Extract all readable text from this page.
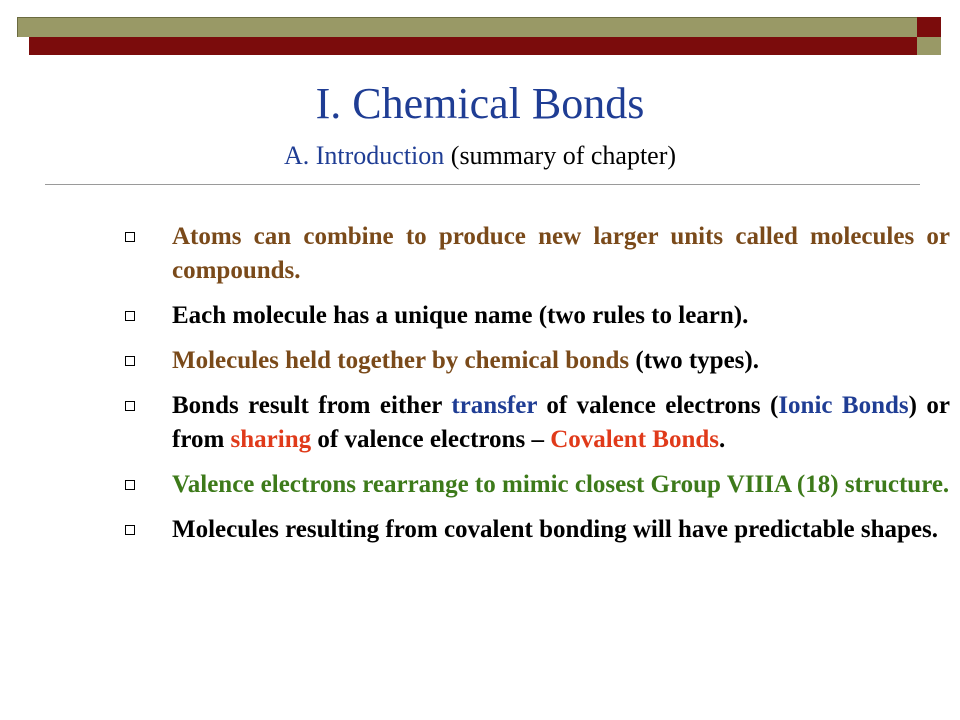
I. Chemical Bonds
A. Introduction (summary of chapter)
Atoms can combine to produce new larger units called molecules or compounds.
Each molecule has a unique name (two rules to learn).
Molecules held together by chemical bonds (two types).
Bonds result from either transfer of valence electrons (Ionic Bonds) or from sharing of valence electrons – Covalent Bonds.
Valence electrons rearrange to mimic closest Group VIIIA (18) structure.
Molecules resulting from covalent bonding will have predictable shapes.
